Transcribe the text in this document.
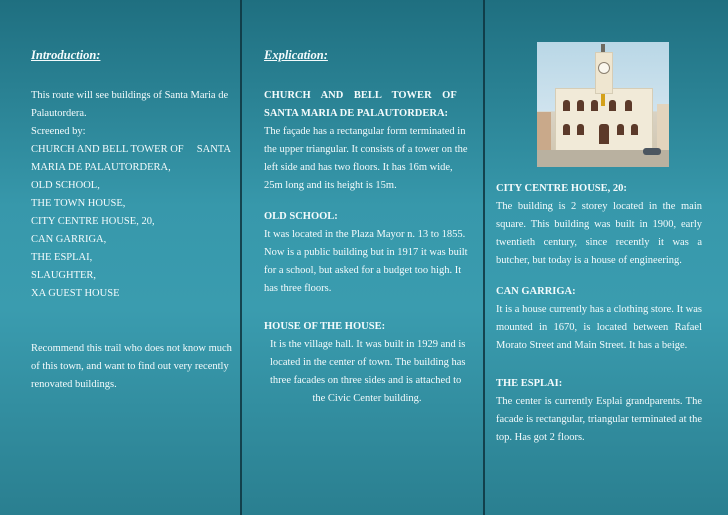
Introduction:
This route will see buildings of Santa Maria de
Palautordera.
Screened by:
CHURCH AND BELL TOWER OF     SANTA
MARIA DE PALAUTORDERA,
OLD SCHOOL,
THE TOWN HOUSE,
CITY CENTRE HOUSE, 20,
CAN GARRIGA,
THE ESPLAI,
SLAUGHTER,
XA GUEST HOUSE
Recommend this trail who does not know much
of this town, and want to find out very recently
renovated buildings.
Explication:
CHURCH    AND    BELL    TOWER    OF
SANTA MARIA DE PALAUTORDERA:
The façade has a rectangular form terminated in
the upper triangular. It consists of a tower on the
left side and has two floors. It has 16m wide,
25m long and its height is 15m.
OLD SCHOOL:
It was located in the Plaza Mayor n. 13 to 1855.
Now is a public building but in 1917 it was built
for a school, but asked for a budget too high. It
has three floors.
HOUSE OF THE HOUSE:
It is the village hall. It was built in 1929 and is
located in the center of town. The building has
three facades on three sides and is attached to
the Civic Center building.
CITY CENTRE HOUSE, 20:
The building is 2 storey located in the main
square. This building was built in 1900, early
twentieth century, since recently it was a
butcher, but today is a house of engineering.
CAN GARRIGA:
It is a house currently has a clothing store. It was
mounted in 1670, is located between Rafael
Morato Street and Main Street. It has a beige.
THE ESPLAI:
The center is currently Esplai grandparents. The
facade is rectangular, triangular terminated at the
top. Has got 2 floors.
